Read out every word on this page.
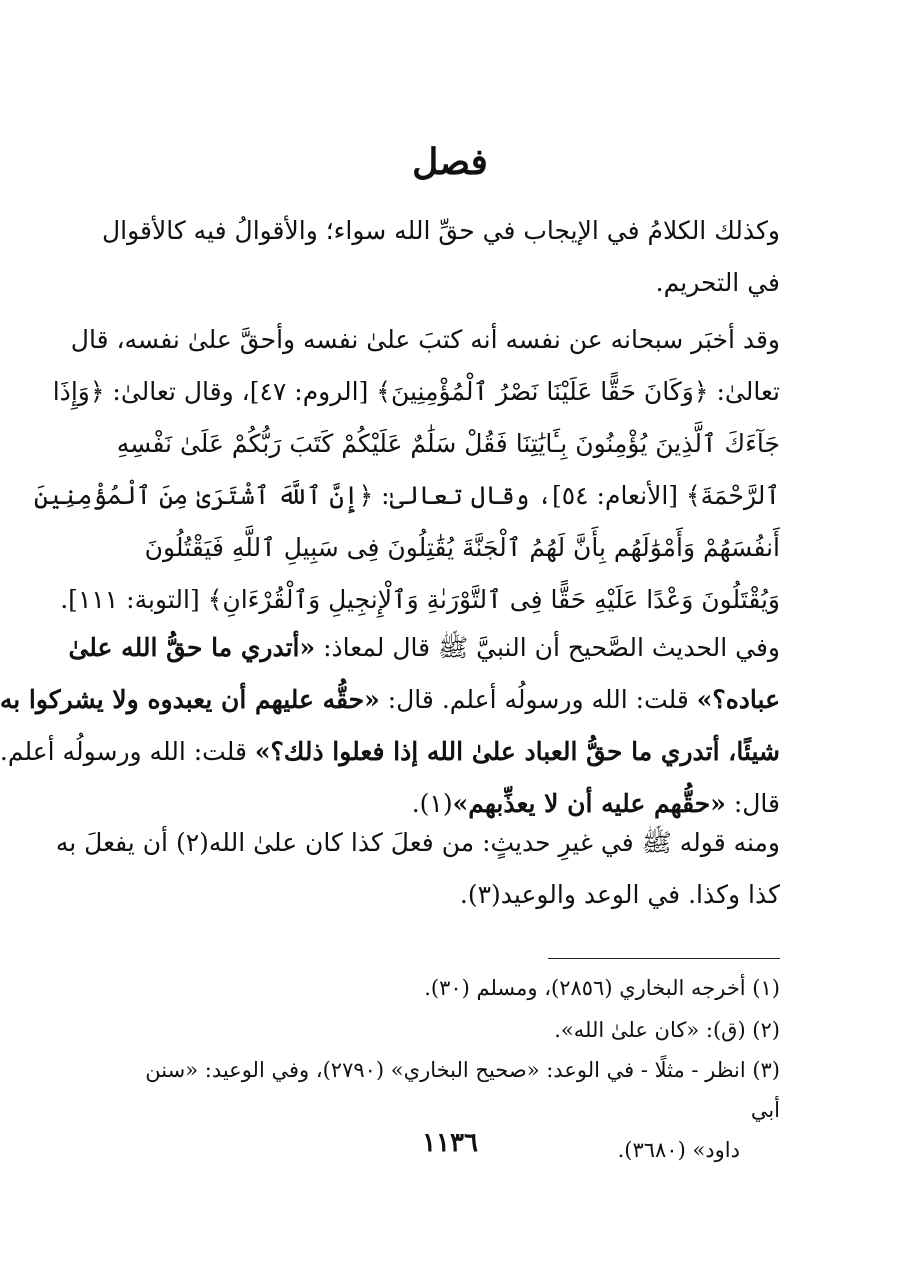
فصل

وكذلك الكلامُ في الإيجاب في حقِّ الله سواء؛ والأقوالُ فيه كالأقوال
في التحريم.

وقد أخبَر سبحانه عن نفسه أنه كتبَ علىٰ نفسه وأحقَّ علىٰ نفسه، قال
تعالىٰ: ﴿وَكَانَ حَقًّا عَلَيْنَا نَصْرُ ٱلْمُؤْمِنِينَ﴾ [الروم: ٤٧]، وقال تعالىٰ: ﴿وَإِذَا
جَآءَكَ ٱلَّذِينَ يُؤْمِنُونَ بِـَٔايَٰتِنَا فَقُلْ سَلَٰمٌ عَلَيْكُمْ كَتَبَ رَبُّكُمْ عَلَىٰ نَفْسِهِ
ٱلرَّحْمَةَ﴾ [الأنعام: ٥٤]، وقال تعالىٰ: ﴿إِنَّ ٱللَّهَ ٱشْتَرَىٰ مِنَ ٱلْمُؤْمِنِينَ
أَنفُسَهُمْ وَأَمْوَٰلَهُم بِأَنَّ لَهُمُ ٱلْجَنَّةَ يُقَٰتِلُونَ فِى سَبِيلِ ٱللَّهِ فَيَقْتُلُونَ
وَيُقْتَلُونَ وَعْدًا عَلَيْهِ حَقًّا فِى ٱلتَّوْرَىٰةِ وَٱلْإِنجِيلِ وَٱلْقُرْءَانِ﴾ [التوبة: ١١١].

وفي الحديث الصَّحيح أن النبيَّ ﷺ قال لمعاذ: «أتدري ما حقُّ الله علىٰ
عباده؟» قلت: الله ورسولُه أعلم. قال: «حقُّه عليهم أن يعبدوه ولا يشركوا به
شيئًا، أتدري ما حقُّ العباد علىٰ الله إذا فعلوا ذلك؟» قلت: الله ورسولُه أعلم.
قال: «حقُّهم عليه أن لا يعذِّبهم»(١).

ومنه قوله ﷺ في غيرِ حديثٍ: من فعلَ كذا كان علىٰ الله(٢) أن يفعلَ به
كذا وكذا. في الوعد والوعيد(٣).

(١) أخرجه البخاري (٢٨٥٦)، ومسلم (٣٠).

(٢) (ق): «كان علىٰ الله».

(٣) انظر - مثلًا - في الوعد: «صحيح البخاري» (٢٧٩٠)، وفي الوعيد: «سنن أبي
داود» (٣٦٨٠).

١١٣٦
